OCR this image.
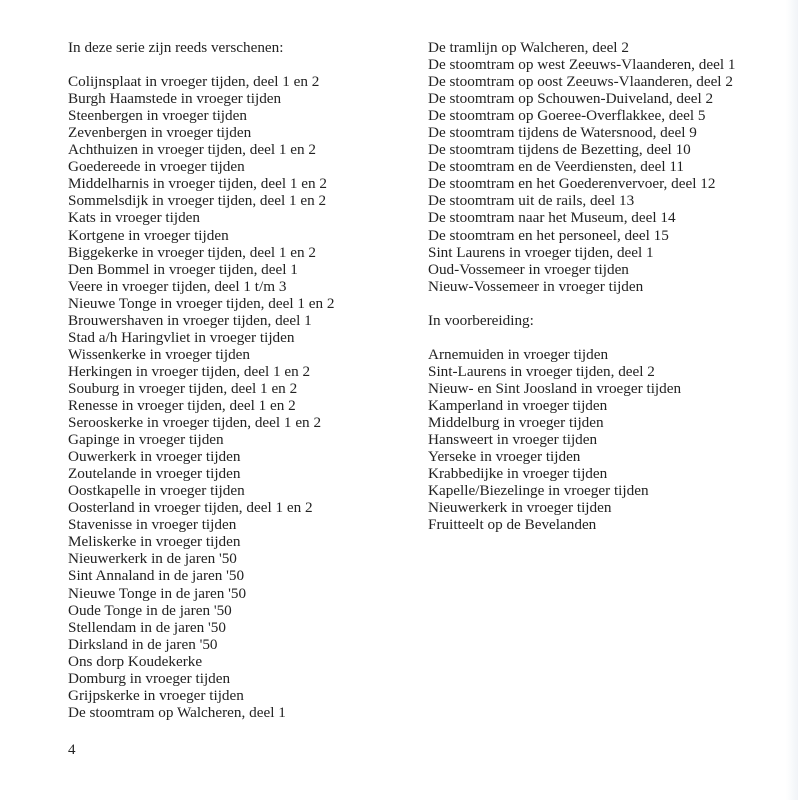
In deze serie zijn reeds verschenen:
Colijnsplaat in vroeger tijden, deel 1 en 2
Burgh Haamstede in vroeger tijden
Steenbergen in vroeger tijden
Zevenbergen in vroeger tijden
Achthuizen in vroeger tijden, deel 1 en 2
Goedereede in vroeger tijden
Middelharnis in vroeger tijden, deel 1 en 2
Sommelsdijk in vroeger tijden, deel 1 en 2
Kats in vroeger tijden
Kortgene in vroeger tijden
Biggekerke in vroeger tijden, deel 1 en 2
Den Bommel in vroeger tijden, deel 1
Veere in vroeger tijden, deel 1 t/m 3
Nieuwe Tonge in vroeger tijden, deel 1 en 2
Brouwershaven in vroeger tijden, deel 1
Stad a/h Haringvliet in vroeger tijden
Wissenkerke in vroeger tijden
Herkingen in vroeger tijden, deel 1 en 2
Souburg in vroeger tijden, deel 1 en 2
Renesse in vroeger tijden, deel 1 en 2
Serooskerke in vroeger tijden, deel 1 en 2
Gapinge in vroeger tijden
Ouwerkerk in vroeger tijden
Zoutelande in vroeger tijden
Oostkapelle in vroeger tijden
Oosterland in vroeger tijden, deel 1 en 2
Stavenisse in vroeger tijden
Meliskerke in vroeger tijden
Nieuwerkerk in de jaren '50
Sint Annaland in de jaren '50
Nieuwe Tonge in de jaren '50
Oude Tonge in de jaren '50
Stellendam in de jaren '50
Dirksland in de jaren '50
Ons dorp Koudekerke
Domburg in vroeger tijden
Grijpskerke in vroeger tijden
De stoomtram op Walcheren, deel 1
De tramlijn op Walcheren, deel 2
De stoomtram op west Zeeuws-Vlaanderen, deel 1
De stoomtram op oost Zeeuws-Vlaanderen, deel 2
De stoomtram op Schouwen-Duiveland, deel 2
De stoomtram op Goeree-Overflakkee, deel 5
De stoomtram tijdens de Watersnood, deel 9
De stoomtram tijdens de Bezetting, deel 10
De stoomtram en de Veerdiensten, deel 11
De stoomtram en het Goederenvervoer, deel 12
De stoomtram uit de rails, deel 13
De stoomtram naar het Museum, deel 14
De stoomtram en het personeel, deel 15
Sint Laurens in vroeger tijden, deel 1
Oud-Vossemeer in vroeger tijden
Nieuw-Vossemeer in vroeger tijden
In voorbereiding:
Arnemuiden in vroeger tijden
Sint-Laurens in vroeger tijden, deel 2
Nieuw- en Sint Joosland in vroeger tijden
Kamperland in vroeger tijden
Middelburg in vroeger tijden
Hansweert in vroeger tijden
Yerseke in vroeger tijden
Krabbedijke in vroeger tijden
Kapelle/Biezelinge in vroeger tijden
Nieuwerkerk in vroeger tijden
Fruitteelt op de Bevelanden
4
